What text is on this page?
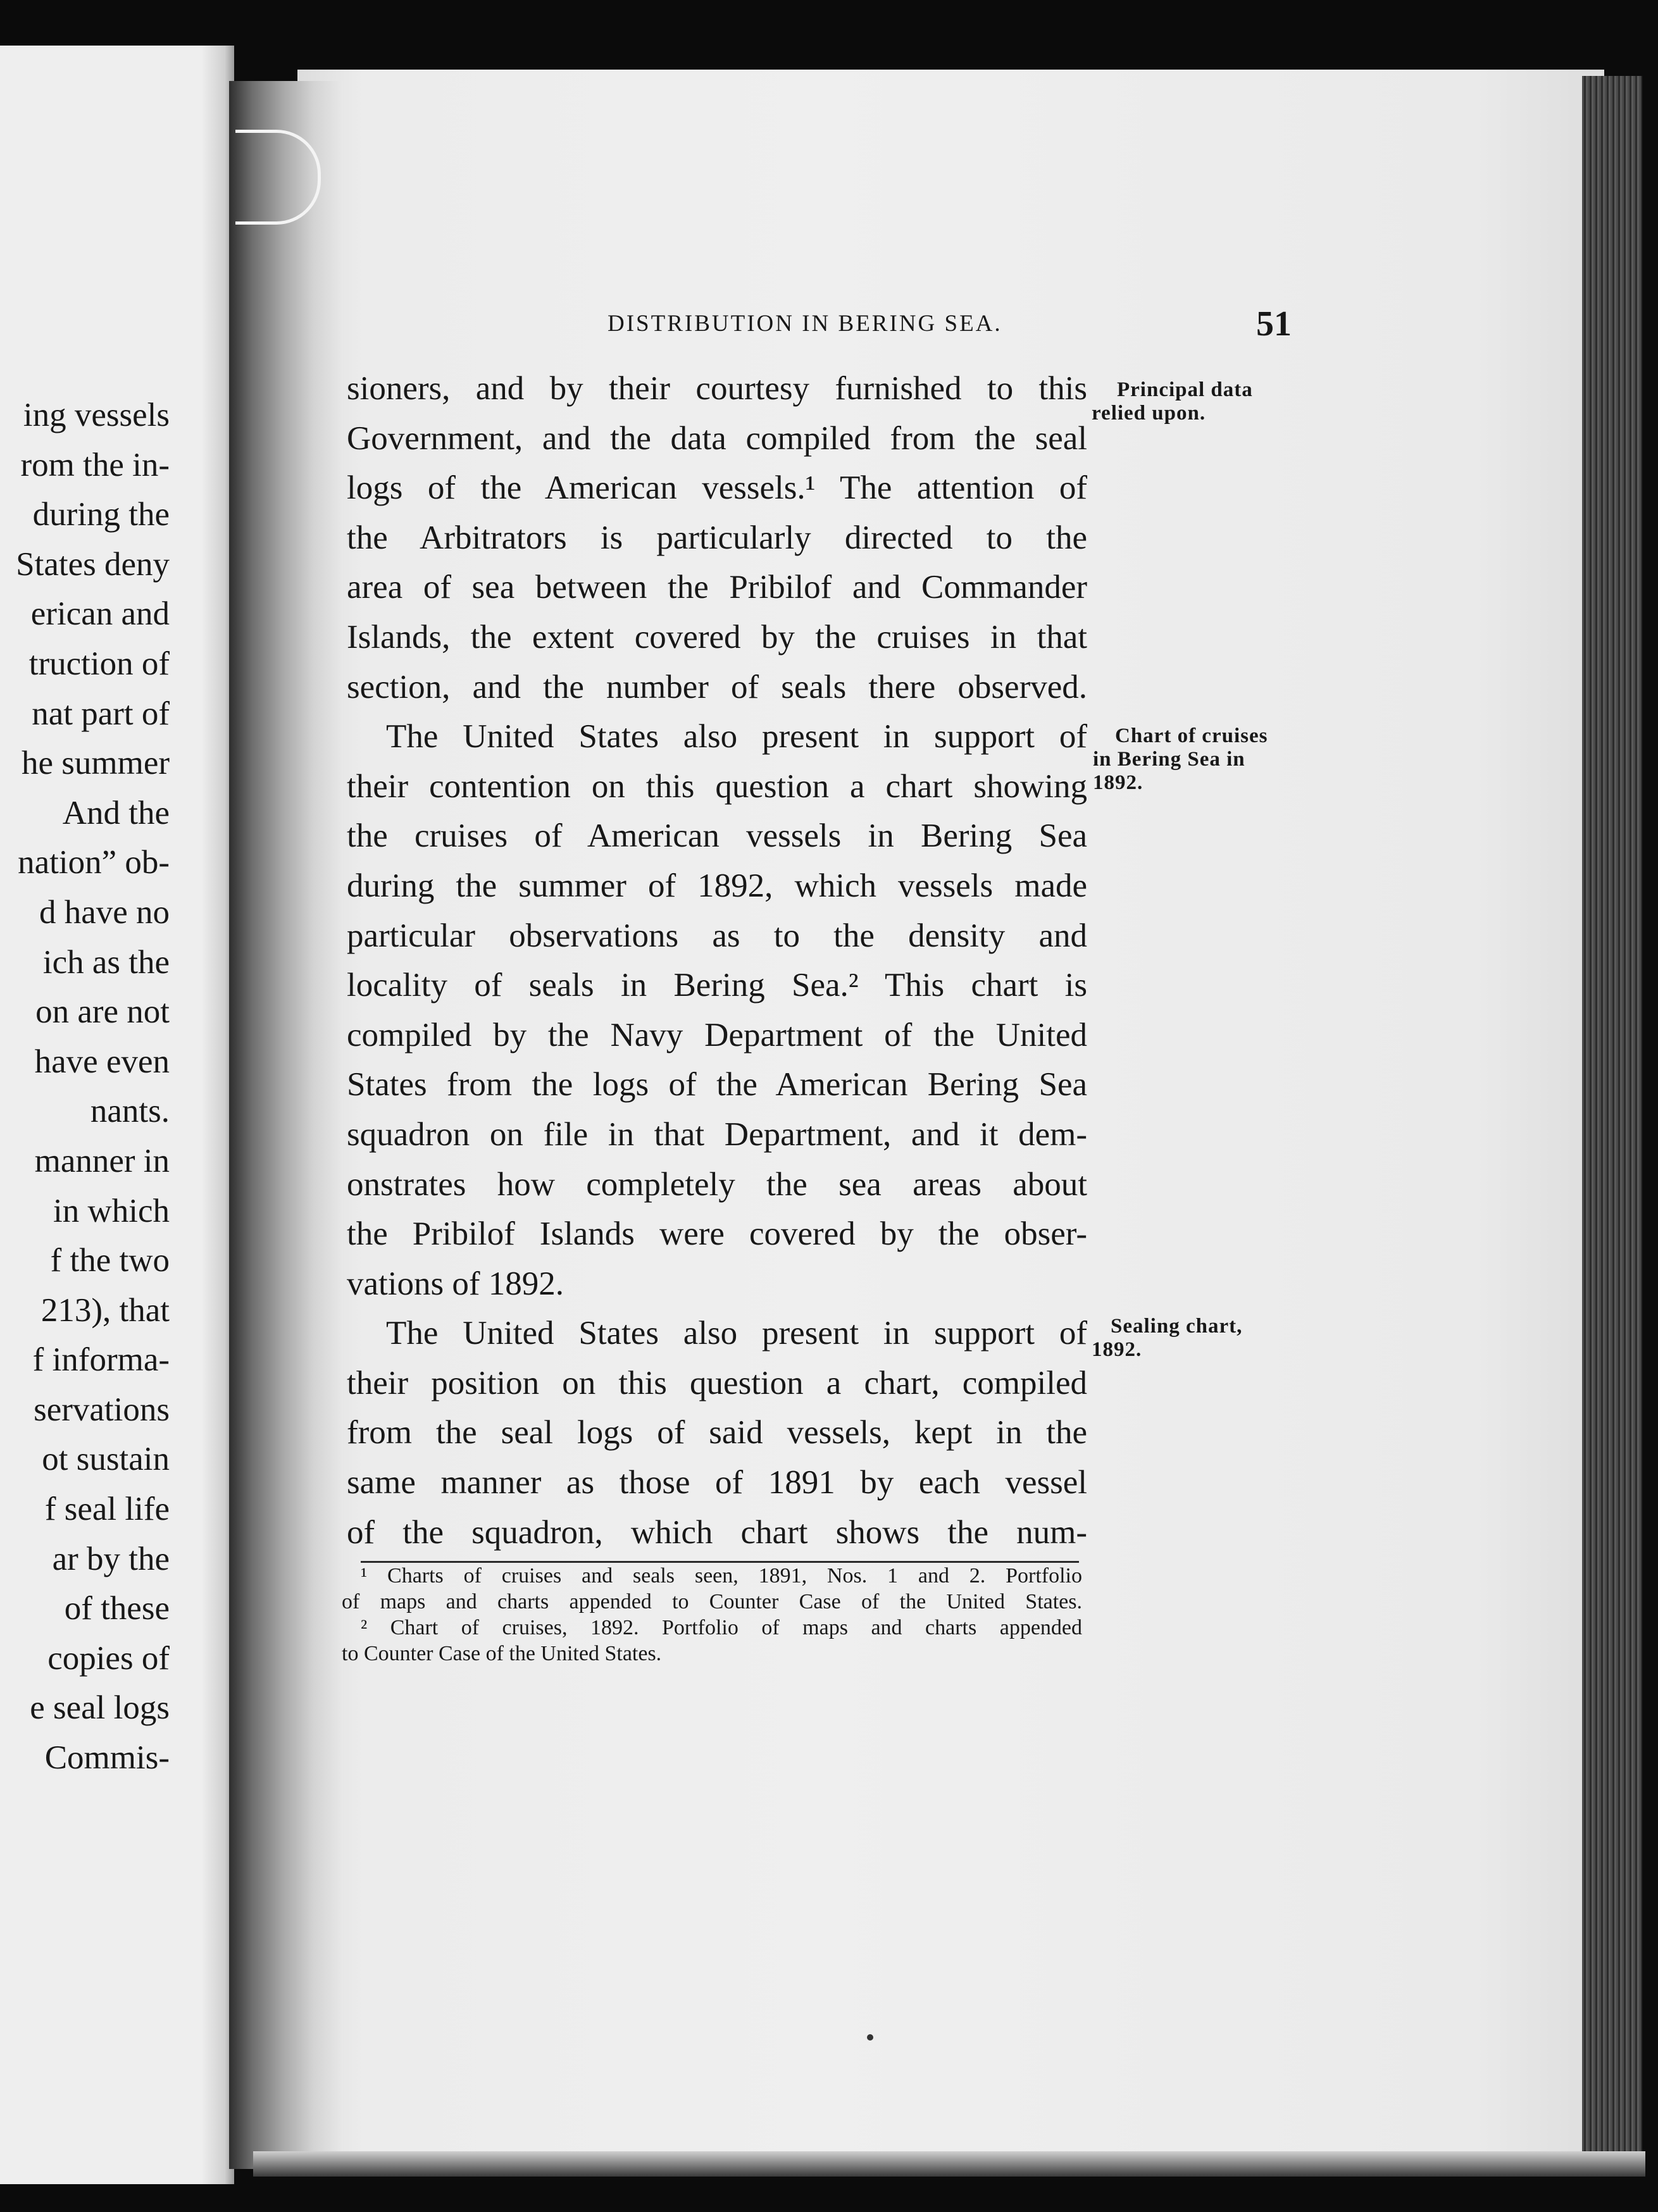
ing vessels
rom the in-
during the
States deny
erican and
truction of
nat part of
he summer
And the
nation” ob-
d have no
ich as the
on are not
have even
nants.
manner in
in which
f the two
213), that
f informa-
servations
ot sustain
f seal life
ar by the
of these
copies of
e seal logs
Commis-
DISTRIBUTION IN BERING SEA.	51
sioners, and by their courtesy furnished to this
Government, and the data compiled from the seal
logs of the American vessels.¹ The attention of
the Arbitrators is particularly directed to the
area of sea between the Pribilof and Commander
Islands, the extent covered by the cruises in that
section, and the number of seals there observed.
The United States also present in support of
their contention on this question a chart showing
the cruises of American vessels in Bering Sea
during the summer of 1892, which vessels made
particular observations as to the density and
locality of seals in Bering Sea.² This chart is
compiled by the Navy Department of the United
States from the logs of the American Bering Sea
squadron on file in that Department, and it dem-
onstrates how completely the sea areas about
the Pribilof Islands were covered by the obser-
vations of 1892.
The United States also present in support of
their position on this question a chart, compiled
from the seal logs of said vessels, kept in the
same manner as those of 1891 by each vessel
of the squadron, which chart shows the num-
Principal data
relied upon.
Chart of cruises
in Bering Sea in
1892.
Sealing chart,
1892.
¹ Charts of cruises and seals seen, 1891, Nos. 1 and 2. Portfolio
of maps and charts appended to Counter Case of the United States.
² Chart of cruises, 1892. Portfolio of maps and charts appended
to Counter Case of the United States.
